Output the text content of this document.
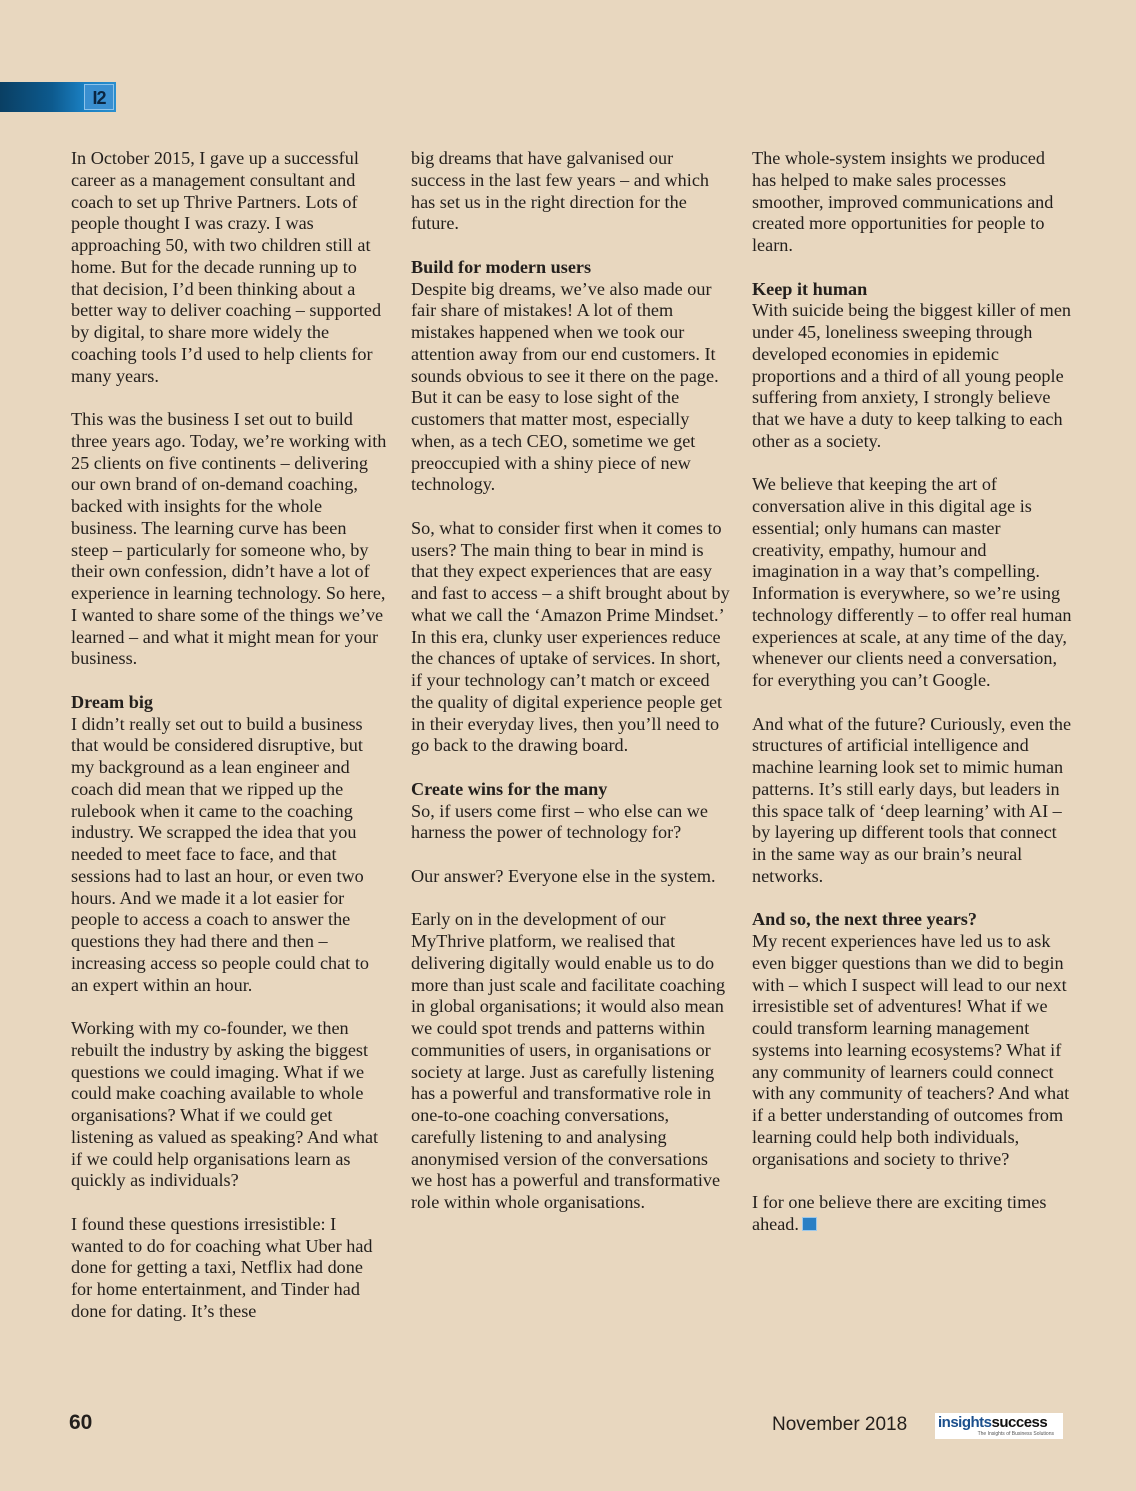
I2

In October 2015, I gave up a successful career as a management consultant and coach to set up Thrive Partners. Lots of people thought I was crazy. I was approaching 50, with two children still at home. But for the decade running up to that decision, I’d been thinking about a better way to deliver coaching – supported by digital, to share more widely the coaching tools I’d used to help clients for many years.

This was the business I set out to build three years ago. Today, we’re working with 25 clients on five continents – delivering our own brand of on-demand coaching, backed with insights for the whole business. The learning curve has been steep – particularly for someone who, by their own confession, didn’t have a lot of experience in learning technology. So here, I wanted to share some of the things we’ve learned – and what it might mean for your business.

Dream big

I didn’t really set out to build a business that would be considered disruptive, but my background as a lean engineer and coach did mean that we ripped up the rulebook when it came to the coaching industry. We scrapped the idea that you needed to meet face to face, and that sessions had to last an hour, or even two hours. And we made it a lot easier for people to access a coach to answer the questions they had there and then – increasing access so people could chat to an expert within an hour.

Working with my co-founder, we then rebuilt the industry by asking the biggest questions we could imaging. What if we could make coaching available to whole organisations? What if we could get listening as valued as speaking? And what if we could help organisations learn as quickly as individuals?

I found these questions irresistible: I wanted to do for coaching what Uber had done for getting a taxi, Netflix had done for home entertainment, and Tinder had done for dating. It’s these

big dreams that have galvanised our success in the last few years – and which has set us in the right direction for the future.

Build for modern users

Despite big dreams, we’ve also made our fair share of mistakes! A lot of them mistakes happened when we took our attention away from our end customers. It sounds obvious to see it there on the page. But it can be easy to lose sight of the customers that matter most, especially when, as a tech CEO, sometime we get preoccupied with a shiny piece of new technology.

So, what to consider first when it comes to users? The main thing to bear in mind is that they expect experiences that are easy and fast to access – a shift brought about by what we call the ‘Amazon Prime Mindset.’ In this era, clunky user experiences reduce the chances of uptake of services. In short, if your technology can’t match or exceed the quality of digital experience people get in their everyday lives, then you’ll need to go back to the drawing board.

Create wins for the many

So, if users come first – who else can we harness the power of technology for?

Our answer? Everyone else in the system.

Early on in the development of our MyThrive platform, we realised that delivering digitally would enable us to do more than just scale and facilitate coaching in global organisations; it would also mean we could spot trends and patterns within communities of users, in organisations or society at large. Just as carefully listening has a powerful and transformative role in one-to-one coaching conversations, carefully listening to and analysing anonymised version of the conversations we host has a powerful and transformative role within whole organisations.

The whole-system insights we produced has helped to make sales processes smoother, improved communications and created more opportunities for people to learn.

Keep it human

With suicide being the biggest killer of men under 45, loneliness sweeping through developed economies in epidemic proportions and a third of all young people suffering from anxiety, I strongly believe that we have a duty to keep talking to each other as a society.

We believe that keeping the art of conversation alive in this digital age is essential; only humans can master creativity, empathy, humour and imagination in a way that’s compelling. Information is everywhere, so we’re using technology differently – to offer real human experiences at scale, at any time of the day, whenever our clients need a conversation, for everything you can’t Google.

And what of the future? Curiously, even the structures of artificial intelligence and machine learning look set to mimic human patterns. It’s still early days, but leaders in this space talk of ‘deep learning’ with AI – by layering up different tools that connect in the same way as our brain’s neural networks.

And so, the next three years?

My recent experiences have led us to ask even bigger questions than we did to begin with – which I suspect will lead to our next irresistible set of adventures! What if we could transform learning management systems into learning ecosystems? What if any community of learners could connect with any community of teachers? And what if a better understanding of outcomes from learning could help both individuals, organisations and society to thrive?

I for one believe there are exciting times ahead.

60	November 2018 insightssuccess
The Insights of Business Solutions
